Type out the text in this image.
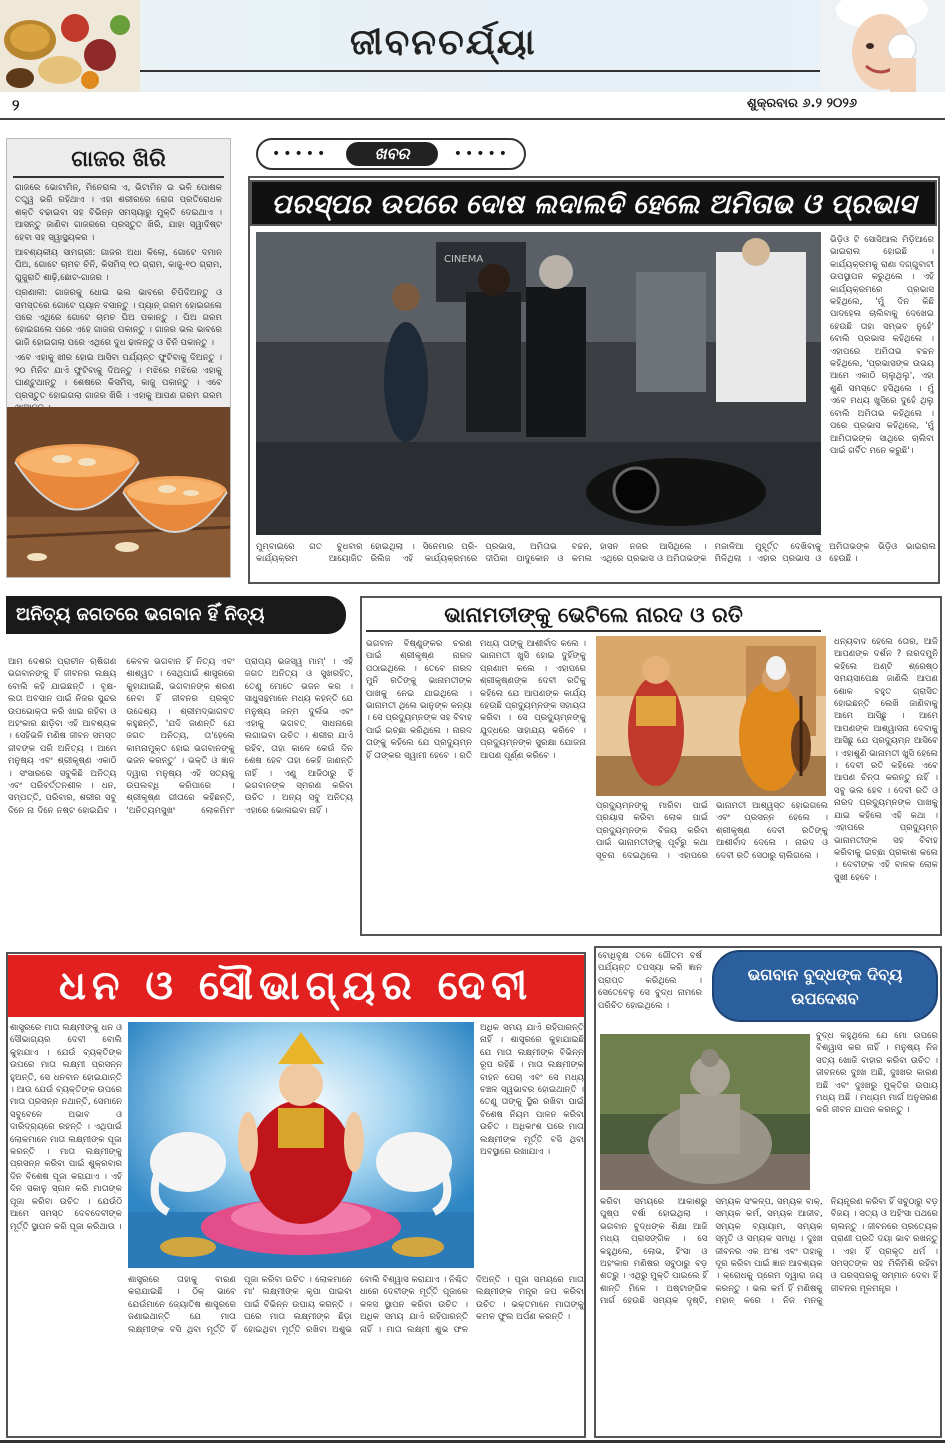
ଜୀବନଚର୍ଯ୍ୟା
୨	ଶୁକ୍ରବାର ୬.୨ ୨୦୨୬
ଗାଜର ଖିରି

ଗାଜରେ ଭୋଟାମିନ୍, ମିନେରାଲ ଏ, ଭିଟାମିନ ଇ ଭଳି ପୋଷକ ତତ୍ତ୍ୱ ଭରି ରହିଥାଏ । ଏହା ଶରୀରରେ ରୋଗ ପ୍ରତିରୋଧକ ଶକ୍ତି ବଢାଇବା ସହ ବିଭିନ୍ନ ସମସ୍ୟାରୁ ମୁକ୍ତି ଦେଇଥାଏ । ଆସନ୍ତୁ ଜାଣିବା ଗାଜରରେ ପ୍ରସ୍ତୁତ ଖିରି, ଯାହା ସ୍ୱାଦିଷ୍ଟ ହେବା ସହ ସ୍ୱାସ୍ଥ୍ୟକର ।

ଆବଶ୍ୟକୀୟ ସାମଗ୍ରୀ: ଗାଜର ଅଧା କିଲୋ, ଗୋଟେ ଦମାନ ଘିଅ, ଗୋଟେ ଚାମଚ ଚିନି, କିସମିସ୍ ୧୦ ଗ୍ରାମ, କାଜୁ-୧୦ ଗ୍ରାମ, ଗୁଜୁରାତି ଶାଢ଼ି,ଛୋଟ-ଗାଜର ।

ପ୍ରଣାଳୀ: ଗାଜରକୁ ଧୋଇ ଭଲ ଭାବରେ ଚିପିଦିଅନ୍ତୁ ଓ ସମସ୍ତରେ ଗୋଟେ ପ୍ୟାନ ବସାନ୍ତୁ । ପ୍ୟାନ୍ ଗରମ ହୋଇଗଲେ ପରେ ଏଥିରେ ଗୋଟେ ଚାମଚ ଘିଅ ପକାନ୍ତୁ । ଘିଅ ଗରମ ହୋଇଗଲେ ପରେ ଏହେ ଗାଜର ପକାନ୍ତୁ । ଗାଜର ଭଲ ଭାବରେ ଭାଜି ହୋଇଗଲା ପରେ ଏଥିରେ ଦୁଧ ଢାଳନ୍ତୁ ଓ ଚିନି ପକାନ୍ତୁ ।

ଏବେ ଏହାକୁ ଖୀର ହୋଇ ଆସିବା ପର୍ଯ୍ୟନ୍ତ ଫୁଟିବାକୁ ଦିଅନ୍ତୁ । ୨୦ ମିନିଟ ଯାଏଁ ଫୁଟିବାକୁ ଦିଅନ୍ତୁ । ମଝିରେ ମଝିରେ ଏହାକୁ ଘାଣ୍ଟୁଥାନ୍ତୁ । ଶେଷରେ କିସମିସ୍, କାଜୁ ପକାନ୍ତୁ । ଏବେ ପ୍ରସ୍ତୁତ ହୋଇଗଲା ଗାଜର ଖିରି । ଏହାକୁ ଆପଣ ଗରମ ଗରମ

•••••	ଖବର	•••••
ପରସ୍ପର ଉପରେ ଦୋଷ ଲଦାଲଦି ହେଲେ ଅମିତାଭ ଓ ପ୍ରଭାସ
CINEMA
ଭିଡ଼ିଓ ଟି ସୋସିଆଲ ମିଡ଼ିଆରେ ଭାଇରାଲ ହୋଇଛି । କାର୍ଯ୍ୟକ୍ରମକୁ ରାଣା ଦଗ୍ଗୁବାଟୀ ଉପସ୍ଥାପନ କରୁଥିଲେ । ଏହି କାର୍ଯ୍ୟକ୍ରମରେ ପ୍ରଭାସ କହିଥିଲେ, 'ମୁଁ ଦିନ କିଛି ପାଦହେଲ ଚାଲିବାକୁ ଦେଖେଇ ହେଉଛି ତାହା ସମ୍ଭବ ନୁହେଁ' ବୋଲି ପ୍ରଭାସ କହିଥିଲେ । ଏହାପରେ ଅମିତାଭ ବଚ୍ଚନ କହିଥିଲେ, 'ପ୍ରଭାସଙ୍କ ଉଭୟ ଆମେ ଏକାଠି ଚାଲୁଥିଲୁ', ଏହା ଶୁଣି ସମସ୍ତେ ହସିଥିଲେ । ମୁଁ ଏବେ ମଧ୍ୟ ଖୁସିରେ ଦୁହେଁ ଥିଲୁ ବୋଲି ଅମିତାଭ କହିଥିଲେ । ପରେ ପ୍ରଭାସ କହିଥିଲେ, 'ମୁଁ ଆମିତାଭଙ୍କ ସାଥିରେ ଚାଲିବା ପାଇଁ ଗର୍ବିତ ମନେ କରୁଛି'।
ମୁମ୍ବାଇରେ ଗତ ବୁଧବାର କାର୍ଯ୍ୟକ୍ରମ ଆୟୋଜିତ ହୋଇଥିଲା । ସିନେମାର ପ୍ରି-ରିଲିଜ ଏହି କାର୍ଯ୍ୟକ୍ରମରେ ପ୍ରଭାସ, ଅମିତାଭ ବଚ୍ଚନ, ଦୀପିକା ପାଦୁକୋନ ଓ କମଲ ହାସନ ନଜର ଆସିଥିଲେ । ଏଥିରେ ପ୍ରଭାସ ଓ ଅମିତାଭଙ୍କ ମଜାଳିଆ ମୁହୂର୍ତ୍ତ ଦେଖିବାକୁ ମିଳିଥିଲା । ଏହାର ପ୍ରଭାସ ଓ ଅମିତାଭଙ୍କ ଭିଡ଼ିଓ ଭାଇରାଲ ହେଉଛି ।
ଅନିତ୍ୟ ଜଗତରେ ଭଗବାନ ହିଁ ନିତ୍ୟ
ଆମ ଦେଶର ପ୍ରାଚୀନ ଋଷିଗଣ ଭଗବାନଙ୍କୁ ହିଁ ଜୀବନର ଲକ୍ଷ୍ୟ ବୋଲି କହି ଯାଇଛନ୍ତି । ବୃକ୍ଷ-ଲତା ଅବସାନ ପାଇଁ ନିଜର ସୁନ୍ଦର ଉପଭୋକ୍ତା କରି ଖାଇ ରହିବା ଓ ଅହଂକାର ଛାଡ଼ିବା ଏହି ଆବଶ୍ୟକ । ସେହିଭଳି ମଣିଷ ଜୀବନ ସମସ୍ତ ଜୀବଙ୍କ ପରି ଅନିତ୍ୟ । ଆମେ ମନୁଷ୍ୟ ଏବଂ ଶ୍ରୀକୃଷ୍ଣ ଏକାଠି । ସଂସାରରେ ସବୁକିଛି ଅନିତ୍ୟ ଏବଂ ପରିବର୍ତ୍ତନଶୀଳ । ଧନ, ସମ୍ପତ୍ତି, ପରିବାର, ଶରୀର ସବୁ ଦିନେ ନା ଦିନେ ନଷ୍ଟ ହୋଇଯିବ । କେବଳ ଭଗବାନ ହିଁ ନିତ୍ୟ ଏବଂ ଶାଶ୍ୱତ । ସେଥିପାଇଁ ଶାସ୍ତ୍ରରେ କୁହାଯାଇଛି, ଭଗବାନଙ୍କ ଶରଣ ନେବା ହିଁ ଜୀବନର ପ୍ରକୃତ ଉଦ୍ଦେଶ୍ୟ । ଶ୍ରୀମଦ୍ଭାଗବତ କହୁଛନ୍ତି, 'ଯଦି ଜାଣନ୍ତି ଯେ ଜଗତ ଅନିତ୍ୟ, ତା'ହେଲେ କାମନାମୁକ୍ତ ହୋଇ ଭଗବାନଙ୍କୁ ଭଜନ କରନ୍ତୁ' । ଭକ୍ତି ଓ ଜ୍ଞାନ ଦ୍ୱାରା ମନୁଷ୍ୟ ଏହି ସତ୍ୟକୁ ଉପଲବ୍ଧି କରିପାରେ । ଶ୍ରୀକୃଷ୍ଣ ଗୀତାରେ କହିଛନ୍ତି, 'ଅନିତ୍ୟମସୁଖଂ ଲୋକମିମଂ ପ୍ରାପ୍ୟ ଭଜସ୍ୱ ମାମ୍' । ଏହି ଜଗତ ଅନିତ୍ୟ ଓ ସୁଖରହିତ, ତେଣୁ ମୋତେ ଭଜନ କର । ସାଧୁସନ୍ଥମାନେ ମଧ୍ୟ କହନ୍ତି ଯେ ମନୁଷ୍ୟ ଜନ୍ମ ଦୁର୍ଲଭ ଏବଂ ଏହାକୁ ଭଗବତ୍ ସାଧନାରେ ଲଗାଇବା ଉଚିତ । ଶରୀର ଯାଏଁ ରହିବ, ତାହା କାଳେ କେଉଁ ଦିନ ଶେଷ ହେବ ତାହା କେହି ଜାଣନ୍ତି ନାହିଁ । ଏଣୁ ଆଜିଠାରୁ ହିଁ ଭଗବାନଙ୍କ ସ୍ମରଣ କରିବା ଉଚିତ । ଅନ୍ୟ ସବୁ ଅନିତ୍ୟ ଏହାରେ ଭୋଳାଇବା ନାହିଁ ।
ଭାନାମତୀଙ୍କୁ ଭେଟିଲେ ନାରଦ ଓ ରତି
ଭଗବାନ ବିଷ୍ଣୁଙ୍କର ଚରଣ ପାଇଁ ଶ୍ରୀକୃଷ୍ଣ ନାରଦ ପଠାଇଥିଲେ । ତେବେ ନାରଦ ମୁନି ରତିଙ୍କୁ ଭାନାମତୀଙ୍କ ପାଖକୁ ନେଇ ଯାଇଥିଲେ । ଭାନାମତୀ ଥିଲେ ଭାନୁଙ୍କ କନ୍ୟା । ସେ ପ୍ରଦ୍ୟୁମ୍ନଙ୍କ ସହ ବିବାହ ପାଇଁ ଇଚ୍ଛା କରିଥିଲେ । ନାରଦ ତାଙ୍କୁ କହିଲେ ଯେ ପ୍ରଦ୍ୟୁମ୍ନ ହିଁ ତାଙ୍କର ସ୍ୱାମୀ ହେବେ । ରତି ମଧ୍ୟ ତାଙ୍କୁ ଆଶୀର୍ବାଦ କଲେ । ଭାନାମତୀ ଖୁସି ହୋଇ ଦୁହିଁଙ୍କୁ ପ୍ରଣାମ କଲେ । ଏହାପରେ ଶ୍ରୀକୃଷ୍ଣଙ୍କ ଦେବୀ ରତିକୁ କହିଲେ ଯେ ଆପଣଙ୍କ କାର୍ଯ୍ୟ ହେଉଛି ପ୍ରଦ୍ୟୁମ୍ନଙ୍କ ସହାୟତା କରିବା । ସେ ପ୍ରଦ୍ୟୁମ୍ନଙ୍କୁ ଯୁଦ୍ଧରେ ସାହାଯ୍ୟ କରିବେ । ପ୍ରଦ୍ୟୁମ୍ନଙ୍କ ସୁରକ୍ଷା ଯୋଜନା ଆପଣ ପୂର୍ଣ୍ଣ କରିବେ ।
ପ୍ରଦ୍ୟୁମ୍ନଙ୍କୁ ମାରିବା ପାଇଁ ପ୍ରୟାସ କରିବା ଲୋକ ପାଇଁ ପ୍ରଦ୍ୟୁମ୍ନଙ୍କ ବିଜୟ କରିବା ପାଇଁ ଭାନାମତୀଙ୍କୁ ପୂର୍ବରୁ କଥା ସୂଚନା ଦେଇଥିଲେ । ଏହାପରେ ଭାନାମତୀ ଆଶ୍ୱସ୍ତ ହୋଇଗଲେ ଏବଂ ପ୍ରସନ୍ନ ହେଲେ । ଶ୍ରୀକୃଷ୍ଣ ଦେବୀ ରତିଙ୍କୁ ଆଶୀର୍ବାଦ ଦେଲେ । ନାରଦ ଓ ଦେବୀ ରତି ସେଠାରୁ ଚାଲିଗଲେ ।
ଧନ୍ୟବାଦ ହେଲେ ତୋର, ଆଜି ଆପଣଙ୍କ ଦର୍ଶନ ? ନାରଦମୁନି କହିଲେ ଅଣ୍ଟି ଶ୍ରେଷ୍ଠ ସମୟସାପେକ୍ଷ ଜାଣିଲି ଆପଣ ଶୋକ ବହୁତ ଗ୍ରାସିତ ହୋଇଛନ୍ତି ଲେଖି ଜାଣିବାକୁ ଆମେ ଆସିଛୁ । ଆମେ ଆପଣଙ୍କ ଆଶ୍ୱାସନା ଦେବାକୁ ଆସିଛୁ ଯେ ପ୍ରଦ୍ୟୁମ୍ନ ଆସିବେ । ଏହାଶୁଣି ଭାନାମତୀ ଖୁସି ହେଲେ । ଦେବୀ ରତି କହିଲେ ଏବେ ଆପଣ ଚିନ୍ତା କରନ୍ତୁ ନାହିଁ । ସବୁ ଭଲ ହେବ । ଦେବୀ ରତି ଓ ନାରଦ ପ୍ରଦ୍ୟୁମ୍ନଙ୍କ ପାଖକୁ ଯାଇ କହିଲେ ଏହି କଥା । ଏହାପରେ ପ୍ରଦ୍ୟୁମ୍ନ ଭାନାମତୀଙ୍କ ସହ ବିବାହ କରିବାକୁ ଇଚ୍ଛା ପ୍ରକାଶ କଲେ । ଦେବୀଙ୍କ ଏହି ବାଳକ ଲୋକ ସୁଖୀ ହେବେ ।
ଧନ ଓ ସୌଭାଗ୍ୟର ଦେବୀ
ଶାସ୍ତ୍ରରେ ମାତା ଲକ୍ଷ୍ମୀଙ୍କୁ ଧନ ଓ ସୌଭାଗ୍ୟର ଦେବୀ ବୋଲି କୁହାଯାଏ । ଯେଉଁ ବ୍ୟକ୍ତିଙ୍କ ଉପରେ ମାତା ଲକ୍ଷ୍ମୀ ପ୍ରସନ୍ନ ହୁଅନ୍ତି, ସେ ଧନବାନ ହୋଇଯାନ୍ତି । ଆଉ ଯେଉଁ ବ୍ୟକ୍ତିଙ୍କ ଉପରେ ମାତା ପ୍ରସନ୍ନ ନଥାନ୍ତି, ସେମାନେ ସବୁବେଳେ ଅଭାବ ଓ ଦାରିଦ୍ର୍ୟରେ ରହନ୍ତି । ଏଥିପାଇଁ ଲୋକମାନେ ମାତା ଲକ୍ଷ୍ମୀଙ୍କ ପୂଜା କରନ୍ତି । ମାତା ଲକ୍ଷ୍ମୀଙ୍କୁ ପ୍ରସନ୍ନ କରିବା ପାଇଁ ଶୁକ୍ରବାର ଦିନ ବିଶେଷ ପୂଜା କରାଯାଏ । ଏହି ଦିନ ସକାଳୁ ସ୍ନାନ କରି ମାତାଙ୍କ ପୂଜା କରିବା ଉଚିତ । ଯେଉଁଠି ଆମେ ସମସ୍ତ ଦେବଦେବୀଙ୍କ ମୂର୍ତ୍ତି ସ୍ଥାପନ କରି ପୂଜା କରିଥାଉ ।
ଅଧିକ ସମୟ ଯାଏଁ ରହିପାରନ୍ତି ନାହିଁ । ଶାସ୍ତ୍ରରେ କୁହାଯାଇଛି ଯେ ମାତା ଲକ୍ଷ୍ମୀଙ୍କ ବିଭିନ୍ନ ରୂପ ରହିଛି । ମାତା ଲକ୍ଷ୍ମୀଙ୍କ ବାହନ ପେଚା ଏବଂ ସେ ମଧ୍ୟ ଚଞ୍ଚଳ ସ୍ୱଭାବର ହୋଇଥାନ୍ତି । ତେଣୁ ତାଙ୍କୁ ସ୍ଥିର ରଖିବା ପାଇଁ ବିଶେଷ ନିୟମ ପାଳନ କରିବା ଉଚିତ । ଅଧିକାଂଶ ଘରେ ମାତା ଲକ୍ଷ୍ମୀଙ୍କ ମୂର୍ତ୍ତି ବସି ଥିବା ଅବସ୍ଥାରେ ରଖାଯାଏ ।
ଶାସ୍ତ୍ରରେ ତାହାକୁ ବାରଣ କରାଯାଇଛି । ଠିକ୍ ଭାବେ ଯେଉଁମାନେ ଜ୍ୟୋତିଷ ଶାସ୍ତ୍ରରେ ଜଣାଇଥାନ୍ତି ଯେ ମାତା ଲକ୍ଷ୍ମୀଙ୍କ ବସି ଥିବା ମୂର୍ତ୍ତି ହିଁ ପୂଜା କରିବା ଉଚିତ । ଲୋକମାନେ ମା' ଲକ୍ଷ୍ମୀଙ୍କ କୃପା ପାଇବା ପାଇଁ ବିଭିନ୍ନ ଉପାୟ କରନ୍ତି । ଘରେ ମାତା ଲକ୍ଷ୍ମୀଙ୍କ ଛିଡ଼ା ହୋଇଥିବା ମୂର୍ତ୍ତି ରଖିବା ଅଶୁଭ ବୋଲି ବିଶ୍ୱାସ କରାଯାଏ । ନିଶ୍ଚିତ ଧାରେ ଦେବୀଙ୍କ ମୂର୍ତ୍ତି ପୂଜାରେ କଳସ ସ୍ଥାପନ କରିବା ଉଚିତ । ଅଧିକ ସମୟ ଯାଏଁ ରହିପାରନ୍ତି ନାହିଁ । ମାତା ଲକ୍ଷ୍ମୀ ଶୁଭ ଫଳ ଦିଅନ୍ତି । ପୂଜା ସମୟରେ ମାତା ଲକ୍ଷ୍ମୀଙ୍କ ମନ୍ତ୍ର ଜପ କରିବା ଉଚିତ । ଭକ୍ତମାନେ ମାତାଙ୍କୁ କମଳ ଫୁଲ ଅର୍ପଣ କରନ୍ତି ।
ବୋଧିବୃକ୍ଷ ତଳେ ଗୌତମ ବର୍ଷ ପର୍ଯ୍ୟନ୍ତ ତପସ୍ୟା କରି ଜ୍ଞାନ ପ୍ରାପ୍ତ କରିଥିଲେ । ସେତେବେଳୁ ସେ ବୁଦ୍ଧ ନାମରେ ପରିଚିତ ହୋଇଥିଲେ ।
ଭଗବାନ ବୁଦ୍ଧଙ୍କ ଦିବ୍ୟ ଉପଦେଶବ
ବୁଦ୍ଧ କହୁଥିଲେ ଯେ ମୋ ଉପରେ ବିଶ୍ୱାସ କର ନାହିଁ । ମନୁଷ୍ୟ ନିଜ ସତ୍ୟ ଖୋଜି ବାହାର କରିବା ଉଚିତ । ଜୀବନରେ ଦୁଃଖ ଅଛି, ଦୁଃଖର କାରଣ ଅଛି ଏବଂ ଦୁଃଖରୁ ମୁକ୍ତିର ଉପାୟ ମଧ୍ୟ ଅଛି । ମଧ୍ୟମ ମାର୍ଗ ଅନୁସରଣ କରି ଜୀବନ ଯାପନ କରନ୍ତୁ ।
କରିବା ସମୟରେ ଆକାଶରୁ ପୁଷ୍ପ ବର୍ଷା ହୋଇଥିଲା । ଭଗବାନ ବୁଦ୍ଧଙ୍କ ଶିକ୍ଷା ଆଜି ମଧ୍ୟ ପ୍ରାସଙ୍ଗିକ । ସେ କହୁଥିଲେ, ଲୋଭ, ହିଂସା ଓ ଅହଂକାର ମଣିଷର ସବୁଠାରୁ ବଡ଼ ଶତ୍ରୁ । ଏଥିରୁ ମୁକ୍ତି ପାଇଲେ ହିଁ ଶାନ୍ତି ମିଳେ । ଅଷ୍ଟାଙ୍ଗିକ ମାର୍ଗ ହେଉଛି ସମ୍ୟକ ଦୃଷ୍ଟି, ସମ୍ୟକ ସଂକଳ୍ପ, ସମ୍ୟକ ବାକ୍, ସମ୍ୟକ କର୍ମ, ସମ୍ୟକ ଆଜୀବ, ସମ୍ୟକ ବ୍ୟାୟାମ, ସମ୍ୟକ ସ୍ମୃତି ଓ ସମ୍ୟକ ସମାଧି । ଦୁଃଖ ଜୀବନର ଏକ ଅଂଶ ଏବଂ ତାହାକୁ ଦୂର କରିବା ପାଇଁ ଜ୍ଞାନ ଆବଶ୍ୟକ । କ୍ରୋଧକୁ ପ୍ରେମ ଦ୍ୱାରା ଜୟ କରନ୍ତୁ । ଭଲ କର୍ମ ହିଁ ମଣିଷକୁ ମହାନ୍ କରେ । ନିଜ ମନକୁ ନିୟନ୍ତ୍ରଣ କରିବା ହିଁ ସବୁଠାରୁ ବଡ଼ ବିଜୟ । ସତ୍ୟ ଓ ଅହିଂସା ପଥରେ ଚାଲନ୍ତୁ । ଜୀବନରେ ପ୍ରତ୍ୟେକ ପ୍ରାଣୀ ପ୍ରତି ଦୟା ଭାବ ରଖନ୍ତୁ । ଏହା ହିଁ ପ୍ରକୃତ ଧର୍ମ । ସମସ୍ତଙ୍କ ସହ ମିଳିମିଶି ରହିବା ଓ ପରସ୍ପରକୁ ସମ୍ମାନ ଦେବା ହିଁ ଜୀବନର ମୂଳମନ୍ତ୍ର ।
